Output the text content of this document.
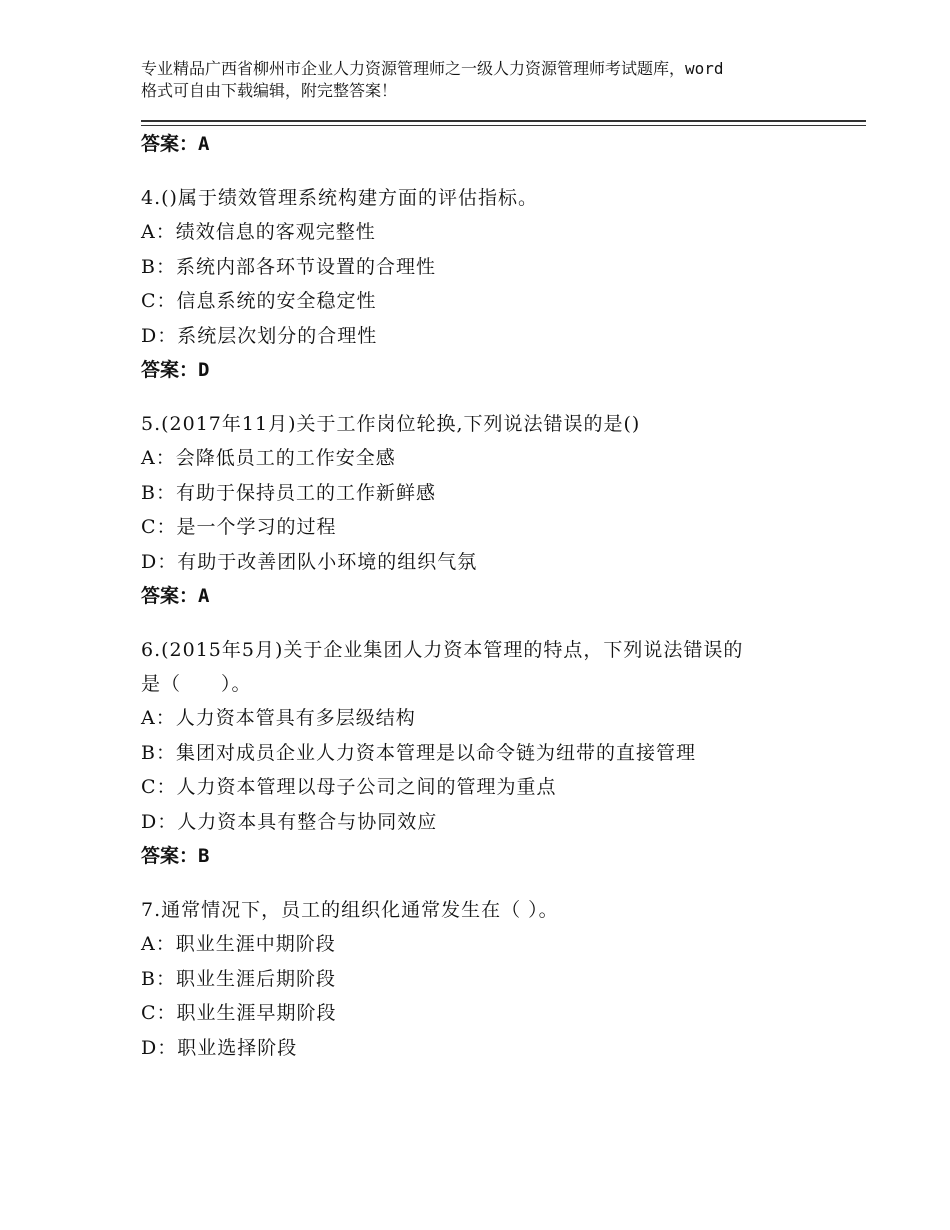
专业精品广西省柳州市企业人力资源管理师之一级人力资源管理师考试题库，word
格式可自由下载编辑，附完整答案！
答案：A
4.()属于绩效管理系统构建方面的评估指标。
A：绩效信息的客观完整性
B：系统内部各环节设置的合理性
C：信息系统的安全稳定性
D：系统层次划分的合理性
答案：D
5.(2017年11月)关于工作岗位轮换,下列说法错误的是()
A：会降低员工的工作安全感
B：有助于保持员工的工作新鲜感
C：是一个学习的过程
D：有助于改善团队小环境的组织气氛
答案：A
6.(2015年5月)关于企业集团人力资本管理的特点，下列说法错误的
是（　　）。
A：人力资本管具有多层级结构
B：集团对成员企业人力资本管理是以命令链为纽带的直接管理
C：人力资本管理以母子公司之间的管理为重点
D：人力资本具有整合与协同效应
答案：B
7.通常情况下，员工的组织化通常发生在（ ）。
A：职业生涯中期阶段
B：职业生涯后期阶段
C：职业生涯早期阶段
D：职业选择阶段
